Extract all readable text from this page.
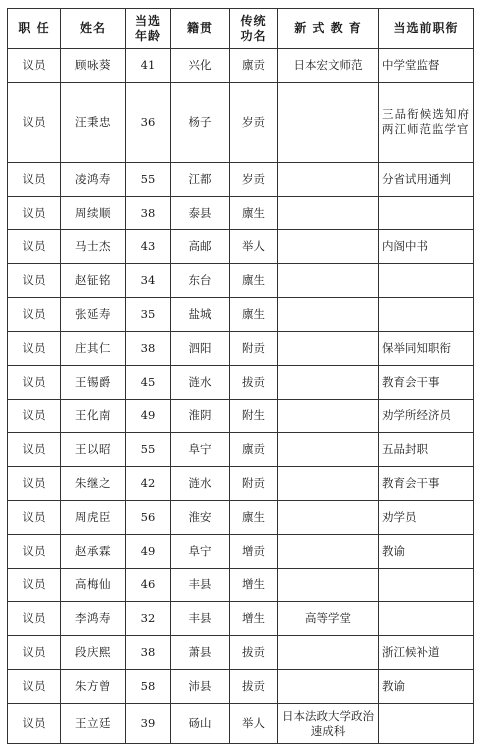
职 任	姓名	当选年龄	籍贯	传统功名	新 式 教 育	当选前职衔
议员	顾咏葵	41	兴化	廪贡	日本宏文师范	中学堂监督
议员	汪秉忠	36	杨子	岁贡		三品衔候选知府 两江师范监学官
议员	凌鸿寿	55	江都	岁贡		分省试用通判
议员	周续顺	38	泰县	廪生		
议员	马士杰	43	高邮	举人		内阁中书
议员	赵钲铭	34	东台	廪生		
议员	张延寿	35	盐城	廪生		
议员	庄其仁	38	泗阳	附贡		保举同知职衔
议员	王锡爵	45	涟水	拔贡		教育会干事
议员	王化南	49	淮阴	附生		劝学所经济员
议员	王以昭	55	阜宁	廪贡		五品封职
议员	朱继之	42	涟水	附贡		教育会干事
议员	周虎臣	56	淮安	廪生		劝学员
议员	赵承霖	49	阜宁	增贡		教谕
议员	高梅仙	46	丰县	增生		
议员	李鸿寿	32	丰县	增生	高等学堂	
议员	段庆熙	38	萧县	拔贡		浙江候补道
议员	朱方曾	58	沛县	拔贡		教谕
议员	王立廷	39	砀山	举人	日本法政大学政治速成科	
